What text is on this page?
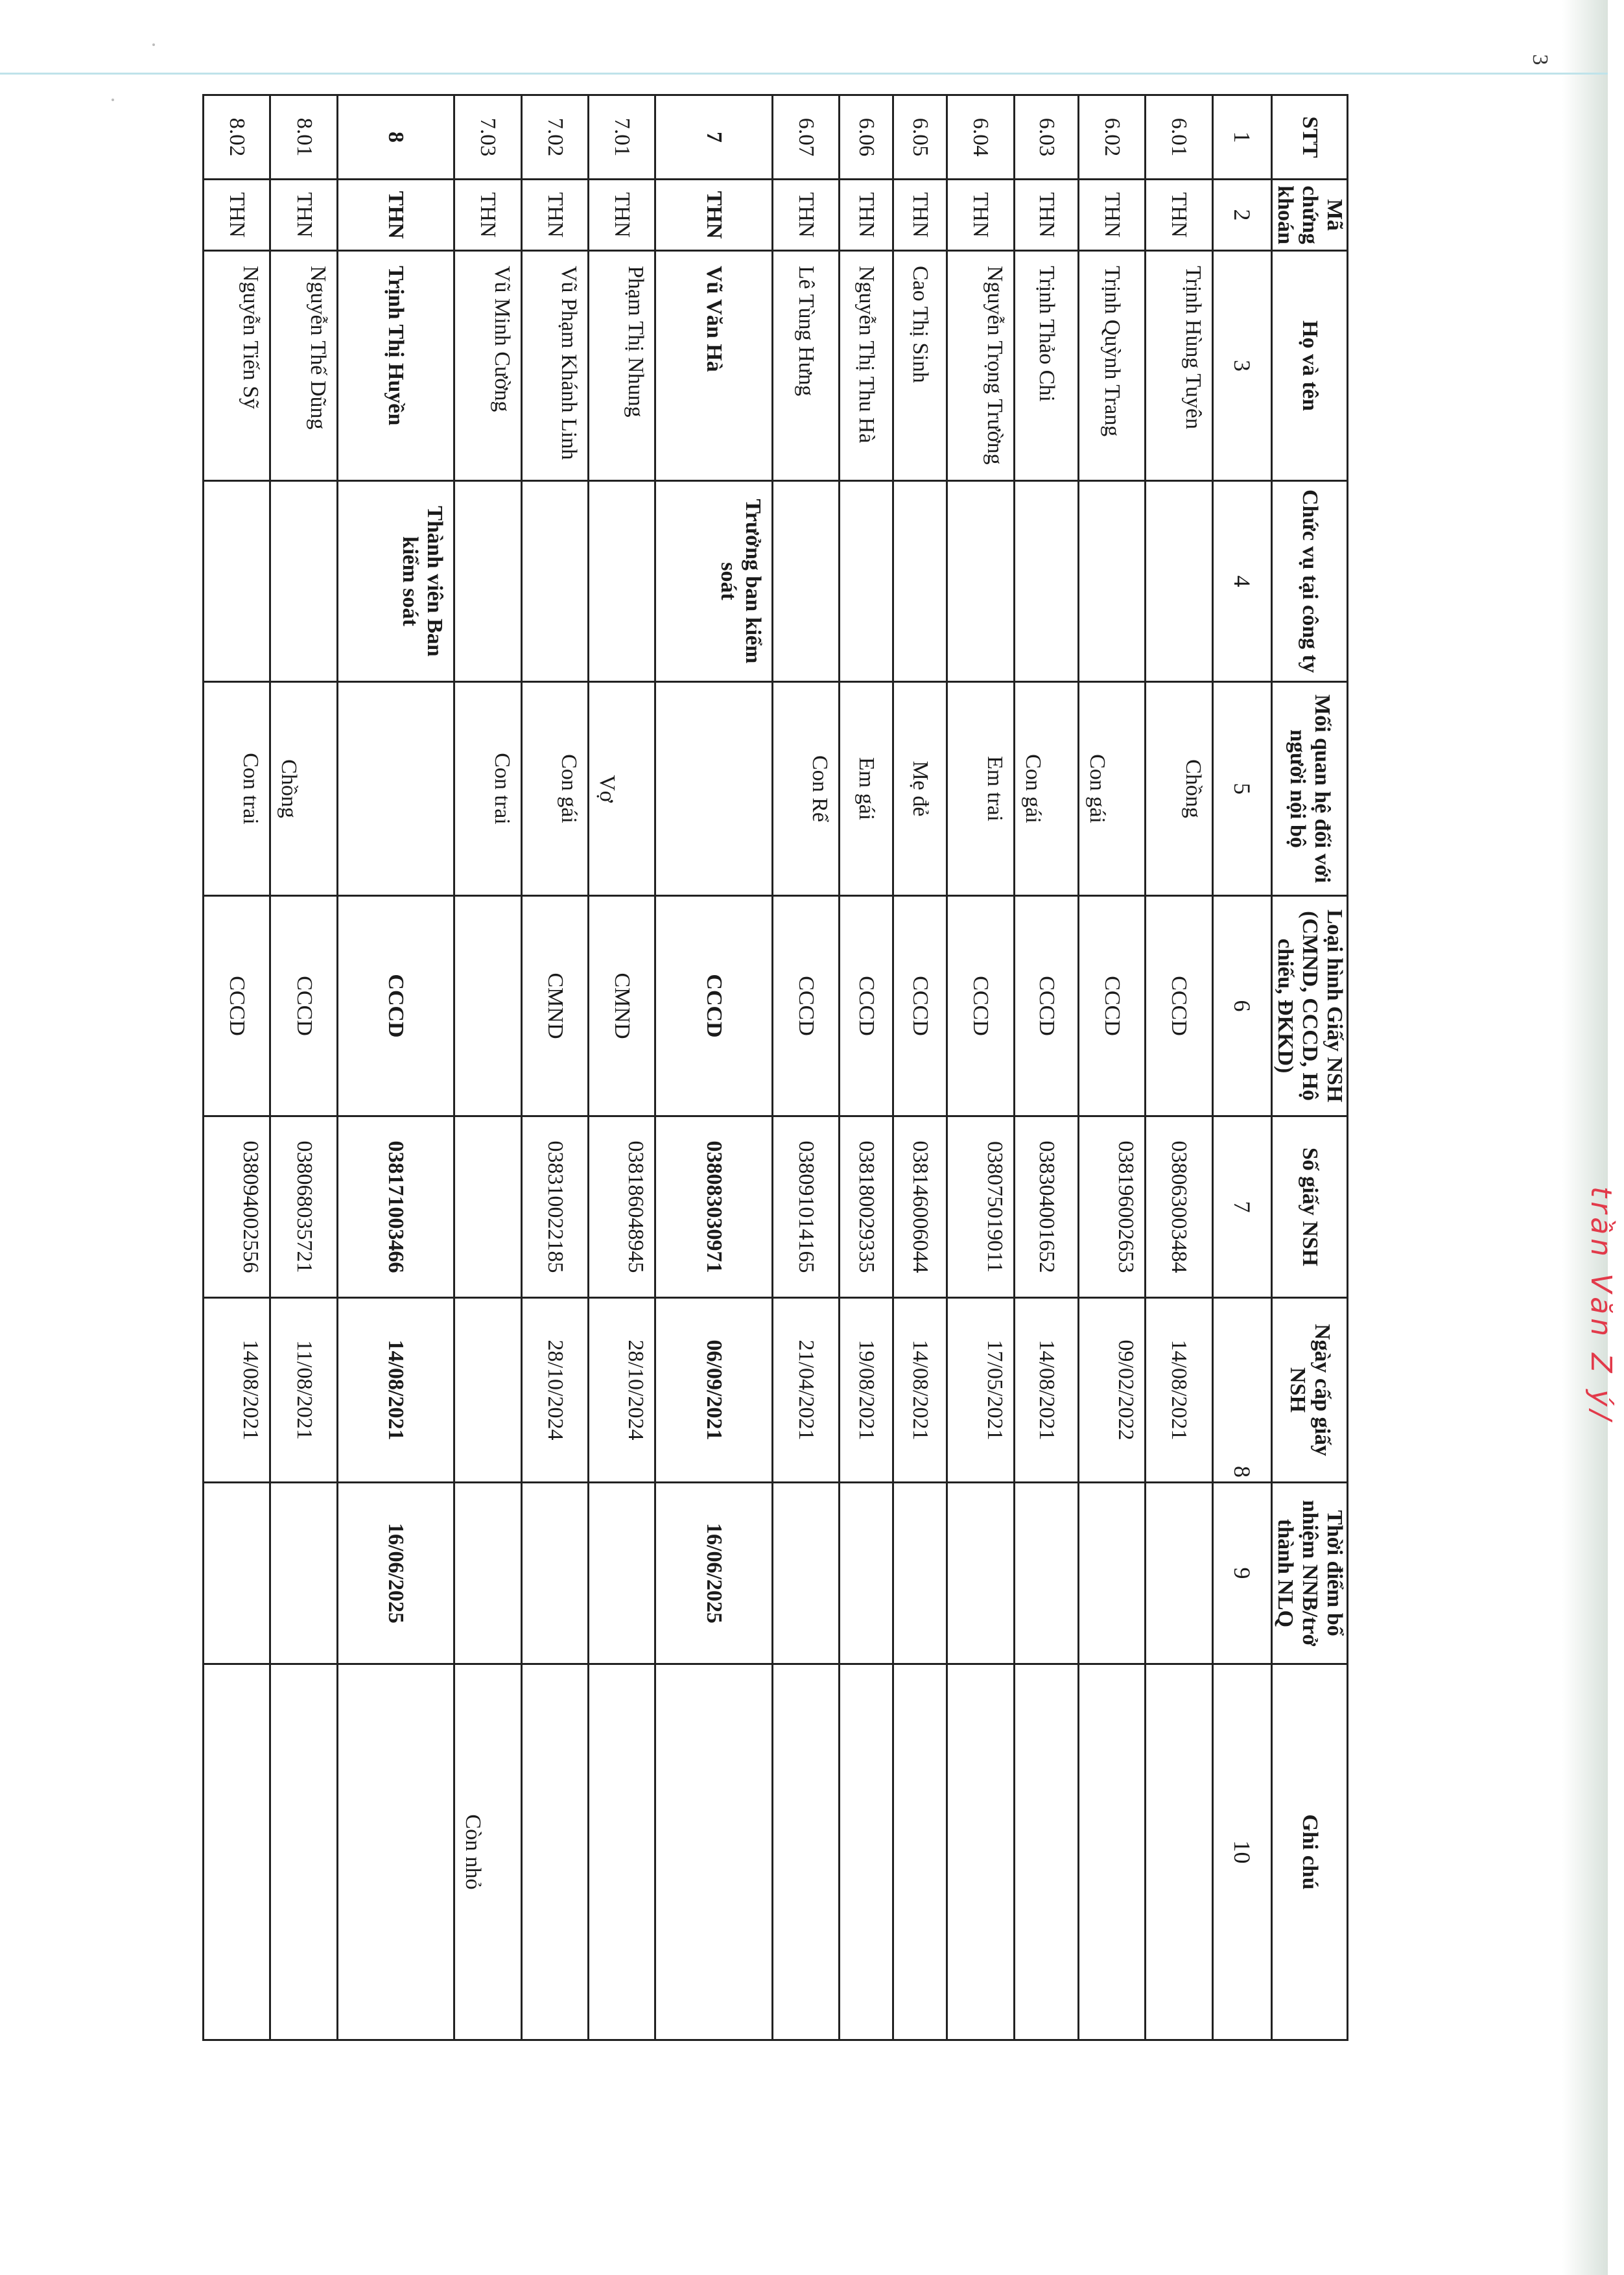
3
STT	Mã chứng khoán	Họ và tên	Chức vụ tại công ty	Mối quan hệ đối với người nội bộ	Loại hình Giấy NSH (CMND, CCCD, Hộ chiếu, ĐKKD)	Số giấy NSH	Ngày cấp giấy NSH	Thời điểm bổ nhiệm NNB/trở thành NLQ	Ghi chú
1	2	3	4	5	6	7	8	9	10
6.01	THN	Trịnh Hùng Tuyên		Chồng	CCCD	038063003484	14/08/2021		
6.02	THN	Trịnh Quỳnh Trang		Con gái	CCCD	038196002653	09/02/2022		
6.03	THN	Trịnh Thảo Chi		Con gái	CCCD	038304001652	14/08/2021		
6.04	THN	Nguyễn Trọng Trường		Em trai	CCCD	038075019011	17/05/2021		
6.05	THN	Cao Thị Sinh		Mẹ đẻ	CCCD	038146006044	14/08/2021		
6.06	THN	Nguyễn Thị Thu Hà		Em gái	CCCD	038180029335	19/08/2021		
6.07	THN	Lê Tùng Hưng		Con Rể	CCCD	038091014165	21/04/2021		
7	THN	Vũ Văn Hà	Trưởng ban kiểm soát		CCCD	038083030971	06/09/2021	16/06/2025	
7.01	THN	Phạm Thị Nhung		Vợ	CMND	038186048945	28/10/2024		
7.02	THN	Vũ Phạm Khánh Linh		Con gái	CMND	038310022185	28/10/2024		
7.03	THN	Vũ Minh Cường		Con trai					Còn nhỏ
8	THN	Trịnh Thị Huyền	Thành viên Ban kiểm soát		CCCD	038171003466	14/08/2021	16/06/2025	
8.01	THN	Nguyễn Thế Dũng		Chồng	CCCD	038068035721	11/08/2021		
8.02	THN	Nguyễn Tiến Sỹ		Con trai	CCCD	038094002556	14/08/2021			trần Văn Z ý/
